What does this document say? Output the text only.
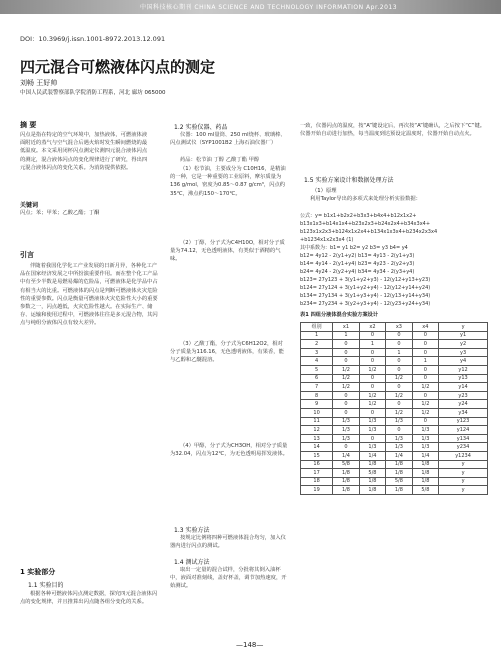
中国科技核心期刊 CHINA SCIENCE AND TECHNOLOGY INFORMATION Apr.2013
DOI：10.3969/j.issn.1001-8972.2013.12.091
四元混合可燃液体闪点的测定
刘畅 王好帅
中国人民武装警察部队学院消防工程系，河北 廊坊 065000
摘 要
闪点是指在特定的空气环境中，加热液体，可燃液体液面附近的蒸气与空气混合后遇火焰时发生瞬间燃烧的最低温度。本文采用闭杯闪点测定仪测四元混合液体闪点的测定，混合液体闪点的变化规律进行了研究，得出四元混合液体闪点的变化关系。为消防提供依据。
关键词
闪点；苯；甲苯；乙酸乙酯；丁酮
引言
伴随着我国化学化工产业发展的日新月异，各种化工产品在国家经济发展之中所扮演重要作用。而在整个化工产品中有至少半数是易燃易爆的危险品，可燃液体是化学品中占有相当大的比重。可燃液体的闪点是判断可燃液体火灾危险性的重要参数。闪点是衡量可燃液体火灾危险性大小的重要参数之一，闪点越低，火灾危险性越大。在实际生产、储存、运输和使用过程中，可燃液体往往是多元混合物，其闪点与纯组分液体闪点有较大差异。
1 实验部分
1.1 实验目的
根据各种可燃液体闪点测定数据，探究四元混合液体闪点的变化规律，并且推算出闪点随各组分变化的关系。
1.2 实验仪器、药品
仪器：100 ml量筒、250 ml烧杯、玻璃棒、闪点测试仪（SYP1001B2 上海石油仪器厂）
药品：松节油 丁醇 乙酸丁酯 甲醇
（1）松节油，主要成分为 C10H16，是精油的一种，它是一种重要的工业原料，摩尔质量为136 g/mol，密度为0.85～0.87 g/cm³，闪点约35℃，沸点约150～170℃。
（2）丁醇，分子式为C4H10O，相对分子质量为74.12，无色透明液体，有类似于酒精的气味。
（3）乙酸丁酯，分子式为C6H12O2，相对分子质量为116.16，无色透明液体，有果香，能与乙醇和乙醚混溶。
（4）甲醇，分子式为CH3OH，相对分子质量为32.04，闪点为12℃，为无色透明易挥发液体。
1.3 实验方法
按规定比例将四种可燃液体混合均匀，加入仪器内进行闪点的测试。
1.4 测试方法
取出一定量的混合试样，分批将其倒入油杯中，液面对准刻线，盖好杯盖，调节加热速度，开始测试。
一致，仪器闪点的温度，按“A”键设定后，再次按“A”键确认，之后按下“C”键。仪器开始自动进行加热，每当温度到达预设定温度时，仪器开始自动点火。
1.5 实验方案设计和数据处理方法
（1）原理
利用Taylor导出的多项式来处理分析实验数据：
公式：y= b1x1+b2x2+b3x3+b4x4+b12x1x2+
b13x1x3+b14x1x4+b23x2x3+b24x2x4+b34x3x4+
b123x1x2x3+b124x1x2x4+b134x1x3x4+b234x2x3x4
+b1234x1x2x3x4 (1)
其中系数为：b1= y1 b2= y2 b3= y3 b4= y4
b12= 4y12 - 2(y1+y2) b13= 4y13 - 2(y1+y3)
b14= 4y14 - 2(y1+y4) b23= 4y23 - 2(y2+y3)
b24= 4y24 - 2(y2+y4) b34= 4y34 - 2(y3+y4)
b123= 27y123 + 3(y1+y2+y3) - 12(y12+y13+y23)
b124= 27y124 + 3(y1+y2+y4) - 12(y12+y14+y24)
b134= 27y134 + 3(y1+y3+y4) - 12(y13+y14+y34)
b234= 27y234 + 3(y2+y3+y4) - 12(y23+y24+y34)
表1 四组分液体混合实验方案设计
组别	x1	x2	x3	x4	y
1	1	0	0	0	y1
2	0	1	0	0	y2
3	0	0	1	0	y3
4	0	0	0	1	y4
5	1/2	1/2	0	0	y12
6	1/2	0	1/2	0	y13
7	1/2	0	0	1/2	y14
8	0	1/2	1/2	0	y23
9	0	1/2	0	1/2	y24
10	0	0	1/2	1/2	y34
11	1/3	1/3	1/3	0	y123
12	1/3	1/3	0	1/3	y124
13	1/3	0	1/3	1/3	y134
14	0	1/3	1/3	1/3	y234
15	1/4	1/4	1/4	1/4	y1234
16	5/8	1/8	1/8	1/8	y
17	1/8	5/8	1/8	1/8	y
18	1/8	1/8	5/8	1/8	y
19	1/8	1/8	1/8	5/8	y
—148—
